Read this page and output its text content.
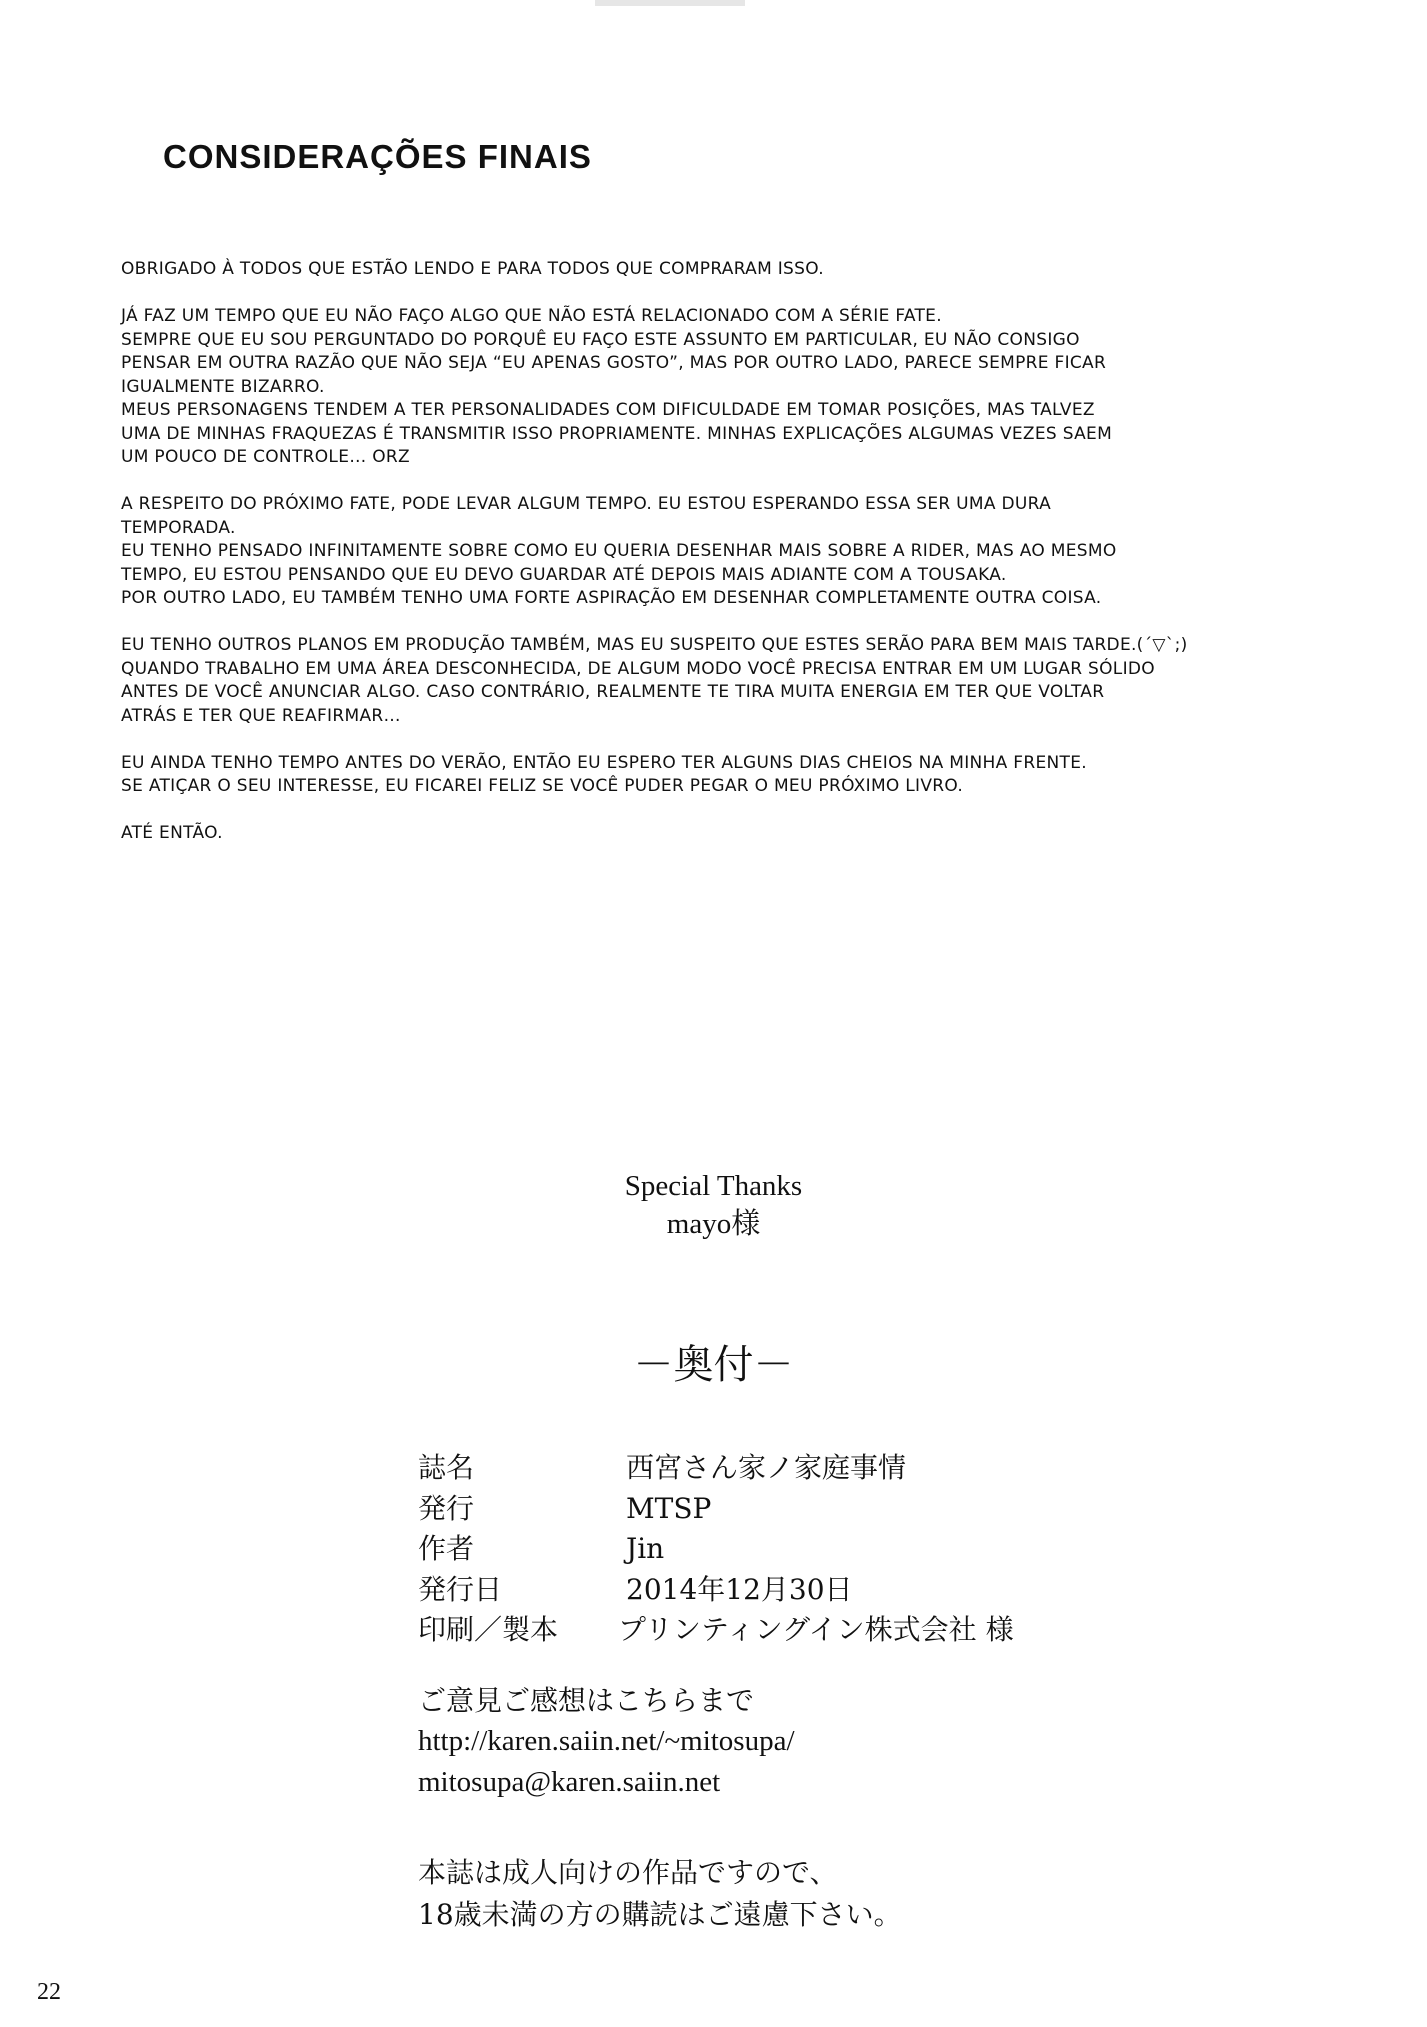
CONSIDERAÇÕES FINAIS

OBRIGADO À TODOS QUE ESTÃO LENDO E PARA TODOS QUE COMPRARAM ISSO.

JÁ FAZ UM TEMPO QUE EU NÃO FAÇO ALGO QUE NÃO ESTÁ RELACIONADO COM A SÉRIE FATE.
SEMPRE QUE EU SOU PERGUNTADO DO PORQUÊ EU FAÇO ESTE ASSUNTO EM PARTICULAR, EU NÃO CONSIGO
PENSAR EM OUTRA RAZÃO QUE NÃO SEJA “EU APENAS GOSTO”, MAS POR OUTRO LADO, PARECE SEMPRE FICAR
IGUALMENTE BIZARRO.
MEUS PERSONAGENS TENDEM A TER PERSONALIDADES COM DIFICULDADE EM TOMAR POSIÇÕES, MAS TALVEZ
UMA DE MINHAS FRAQUEZAS É TRANSMITIR ISSO PROPRIAMENTE. MINHAS EXPLICAÇÕES ALGUMAS VEZES SAEM
UM POUCO DE CONTROLE… ORZ

A RESPEITO DO PRÓXIMO FATE, PODE LEVAR ALGUM TEMPO. EU ESTOU ESPERANDO ESSA SER UMA DURA
TEMPORADA.
EU TENHO PENSADO INFINITAMENTE SOBRE COMO EU QUERIA DESENHAR MAIS SOBRE A RIDER, MAS AO MESMO
TEMPO, EU ESTOU PENSANDO QUE EU DEVO GUARDAR ATÉ DEPOIS MAIS ADIANTE COM A TOUSAKA.
POR OUTRO LADO, EU TAMBÉM TENHO UMA FORTE ASPIRAÇÃO EM DESENHAR COMPLETAMENTE OUTRA COISA.

EU TENHO OUTROS PLANOS EM PRODUÇÃO TAMBÉM, MAS EU SUSPEITO QUE ESTES SERÃO PARA BEM MAIS TARDE.(´▽`;)
QUANDO TRABALHO EM UMA ÁREA DESCONHECIDA, DE ALGUM MODO VOCÊ PRECISA ENTRAR EM UM LUGAR SÓLIDO
ANTES DE VOCÊ ANUNCIAR ALGO. CASO CONTRÁRIO, REALMENTE TE TIRA MUITA ENERGIA EM TER QUE VOLTAR
ATRÁS E TER QUE REAFIRMAR…

EU AINDA TENHO TEMPO ANTES DO VERÃO, ENTÃO EU ESPERO TER ALGUNS DIAS CHEIOS NA MINHA FRENTE.
SE ATIÇAR O SEU INTERESSE, EU FICAREI FELIZ SE VOCÊ PUDER PEGAR O MEU PRÓXIMO LIVRO.

ATÉ ENTÃO.

Special Thanks
mayo様
－奥付－
誌名	西宮さん家ノ家庭事情
発行	MTSP
作者	Jin
発行日	2014年12月30日
印刷／製本	プリンティングイン株式会社 様
ご意見ご感想はこちらまで
http://karen.saiin.net/~mitosupa/
mitosupa@karen.saiin.net
本誌は成人向けの作品ですので、
18歳未満の方の購読はご遠慮下さい。
22
